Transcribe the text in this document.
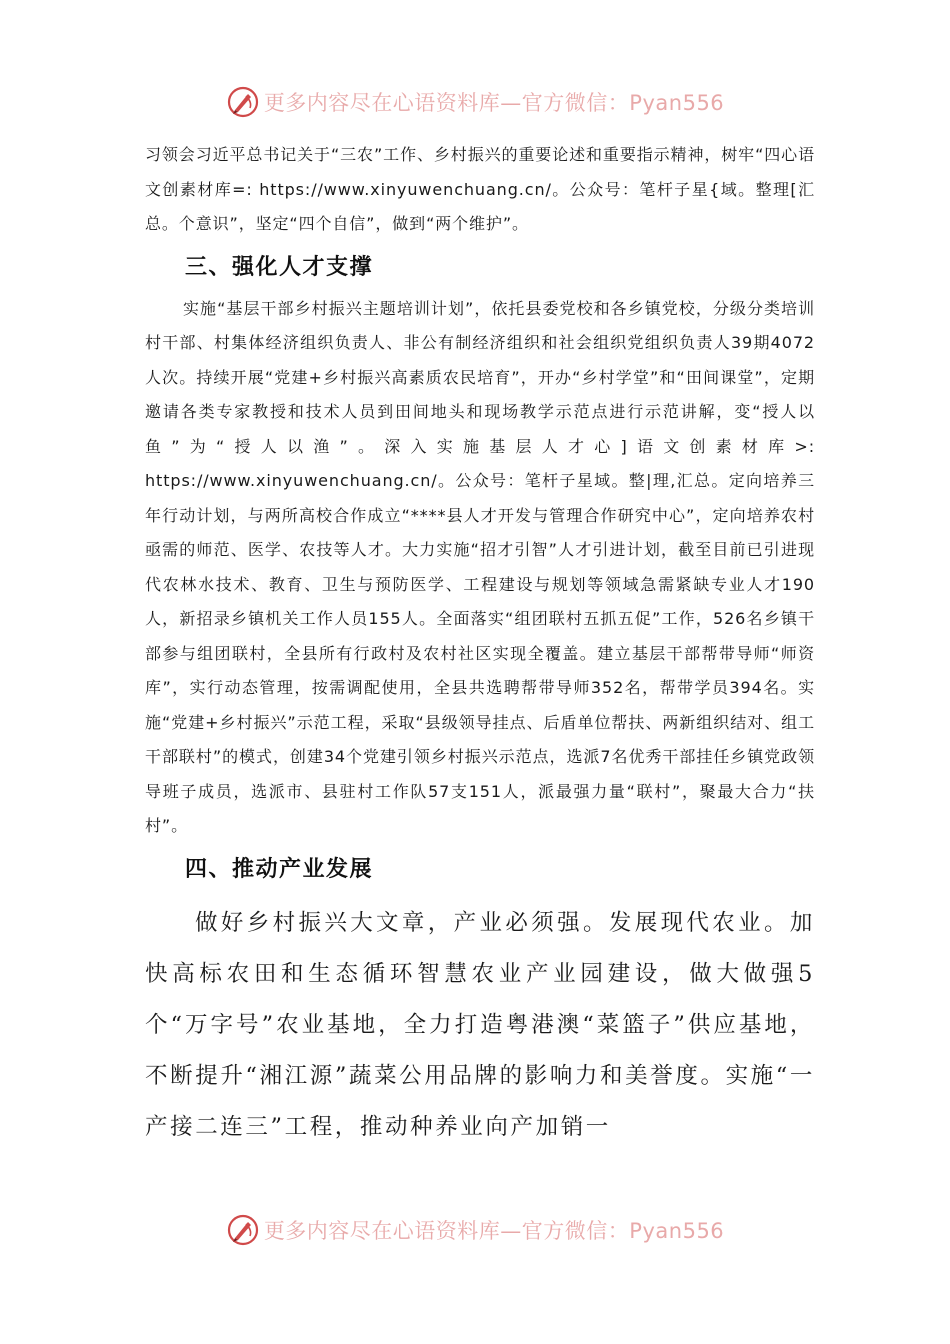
更多内容尽在心语资料库—官方微信：Pyan556

习领会习近平总书记关于“三农”工作、乡村振兴的重要论述和重要指示精神，树牢“四心语文创素材库=: https://www.xinyuwenchuang.cn/。公众号：笔杆子星{域。整理[汇总。个意识”，坚定“四个自信”，做到“两个维护”。

三、强化人才支撑

实施“基层干部乡村振兴主题培训计划”，依托县委党校和各乡镇党校，分级分类培训村干部、村集体经济组织负责人、非公有制经济组织和社会组织党组织负责人39期4072人次。持续开展“党建+乡村振兴高素质农民培育”，开办“乡村学堂”和“田间课堂”，定期邀请各类专家教授和技术人员到田间地头和现场教学示范点进行示范讲解，变“授人以鱼”为“授人以渔”。深入实施基层人才心]语文创素材库>: https://www.xinyuwenchuang.cn/。公众号：笔杆子星域。整|理,汇总。定向培养三年行动计划，与两所高校合作成立“****县人才开发与管理合作研究中心”，定向培养农村亟需的师范、医学、农技等人才。大力实施“招才引智”人才引进计划，截至目前已引进现代农林水技术、教育、卫生与预防医学、工程建设与规划等领域急需紧缺专业人才190人，新招录乡镇机关工作人员155人。全面落实“组团联村五抓五促”工作，526名乡镇干部参与组团联村，全县所有行政村及农村社区实现全覆盖。建立基层干部帮带导师“师资库”，实行动态管理，按需调配使用，全县共选聘帮带导师352名，帮带学员394名。实施“党建+乡村振兴”示范工程，采取“县级领导挂点、后盾单位帮扶、两新组织结对、组工干部联村”的模式，创建34个党建引领乡村振兴示范点，选派7名优秀干部挂任乡镇党政领导班子成员，选派市、县驻村工作队57支151人，派最强力量“联村”，聚最大合力“扶村”。

四、推动产业发展

做好乡村振兴大文章，产业必须强。发展现代农业。加快高标农田和生态循环智慧农业产业园建设，做大做强5个“万字号”农业基地，全力打造粤港澳“菜篮子”供应基地，不断提升“湘江源”蔬菜公用品牌的影响力和美誉度。实施“一产接二连三”工程，推动种养业向产加销一

更多内容尽在心语资料库—官方微信：Pyan556
